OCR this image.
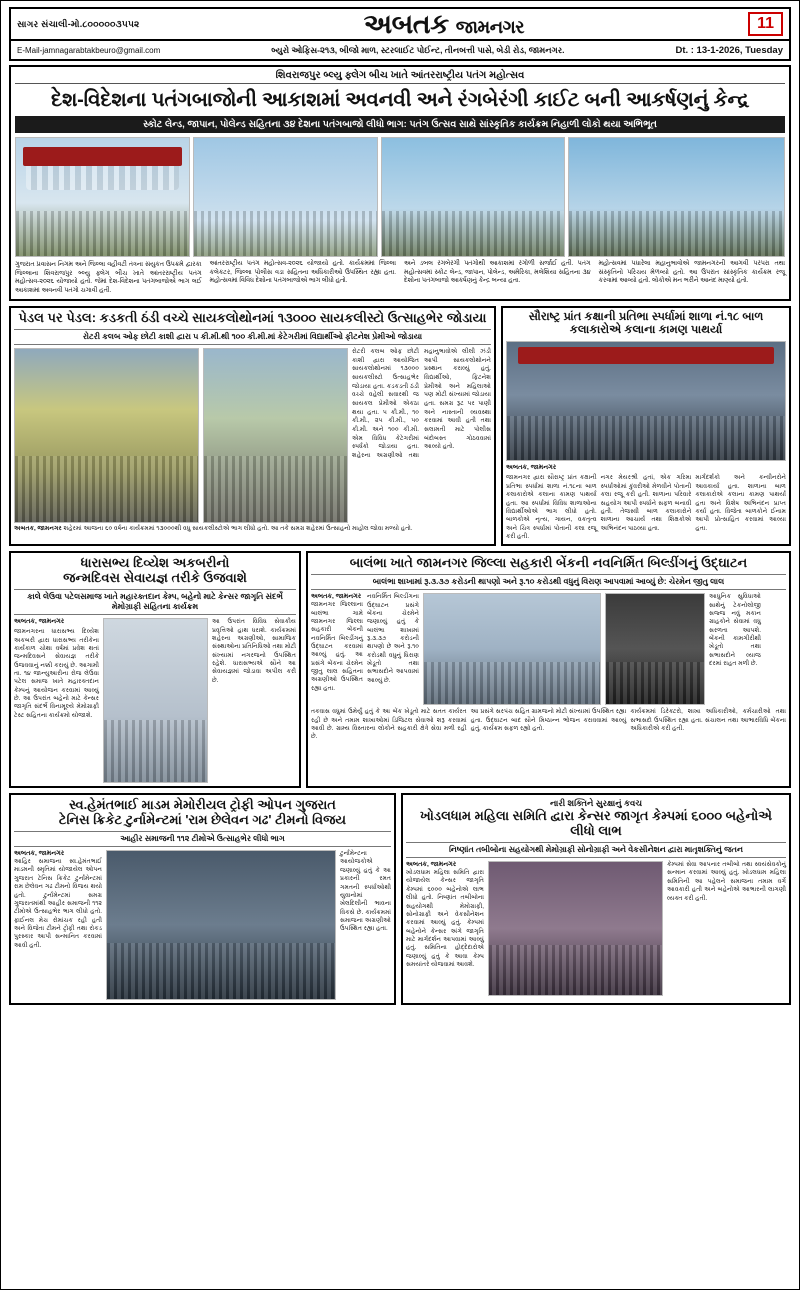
સાગર સંચાલી-મો.૮૦૦૦૦૦૩૫૫૨	અબતક જામનગર	11
E-Mail-jamnagarabtakbeuro@gmail.com	બ્યુરો ઓફિસ-૨૧૩, બીજો માળ, સ્ટરલાઈટ પોઈન્ટ, તીનબત્તી પાસે, બેડી રોડ, જામનગર.	Dt. : 13-1-2026, Tuesday
શિવરાજપુર બ્લ્યુ ફ્લેગ બીચ ખાતે આંતરરાષ્ટ્રીય પતંગ મહોત્સવ
દેશ-વિદેશના પતંગબાજોની આકાશમાં અવનવી અને રંગબેરંગી કાઈટ બની આકર્ષણનું કેન્દ્ર
સ્કોટ લેન્ડ, જાપાન, પોલેન્ડ સહિતના ૩૪ દેશના પતંગબાજો લીધો ભાગ: પતંગ ઉત્સવ સાથે સાંસ્કૃતિક કાર્યક્રમ નિહાળી લોકો થયા અભિભૂત
ગુજરાત પ્રવાસન નિગમ અને જિલ્લા વહીવટી તંત્રના સંયુકત ઉપક્રમે દ્વારકા જિલ્લાના શિવરાજપુર બ્લ્યુ ફ્લેગ બીચ ખાતે આંતરરાષ્ટ્રીય પતંગ મહોત્સવ-૨૦૨૬ યોજાયો હતો. જેમાં દેશ-વિદેશના પતંગબાજોએ ભાગ લઈ આકાશમાં અવનવી પતંગો ચગાવી હતી.
આંતરરાષ્ટ્રીય પતંગ મહોત્સવ-૨૦૨૬ યોજાયો હતો. કાર્યક્રમમાં જિલ્લા કલેકટર, જિલ્લા પોલીસ વડા સહિતના અધિકારીઓ ઉપસ્થિત રહ્યા હતા. મહોત્સવમાં વિવિધ દેશોના પતંગબાજોએ ભાગ લીધો હતો.
અને ડબલ રંગબેરંગી પતંગોથી આકાશમાં રંગોળી સર્જાઈ હતી. પતંગ મહોત્સવમાં સ્કોટ લેન્ડ, જાપાન, પોલેન્ડ, અમેરિકા, મલેશિયા સહિતના ૩૪ દેશોના પતંગબાજો આકર્ષણનું કેન્દ્ર બન્યા હતા.
મહોત્સવમાં પધારેલા મહાનુભાવોએ જામનગરની આગવી પરંપરા તથા સંસ્કૃતિનો પરિચય મેળવ્યો હતો. આ ઉપરાંત સાંસ્કૃતિક કાર્યક્રમ રજૂ કરવામાં આવ્યો હતો. લોકોએ મન ભરીને આનંદ માણ્યો હતો.
પેડલ પર પેડલ: કડકતી ઠંડી વચ્ચે સાયકલોથોનમાં ૧૩૦૦૦ સાયકલીસ્ટો ઉત્સાહભેર જોડાયા
રોટરી કલબ ઓફ છોટી કાશી દ્વારા ૫ કી.મી.થી ૧૦૦ કી.મી.માં કેટેગરીમાં વિદ્યાર્થીઓ ફીટનેશ પ્રેમીઓ જોડાયા
રોટરી કલબ ઓફ છોટી કાશી દ્વારા આયોજિત સાયકલોથોનમાં ૧૩૦૦૦ સાયકલીસ્ટો ઉત્સાહભેર જોડાયા હતા. કડકડતી ઠંડી વચ્ચે વહેલી સવારથી જ સાયકલ પ્રેમીઓ એકઠા થયા હતા. ૫ કી.મી., ૧૦ કી.મી., ૨૫ કી.મી., ૫૦ કી.મી. અને ૧૦૦ કી.મી. એમ વિવિધ કેટેગરીમાં સ્પર્ધકો જોડાયા હતા. શહેરના અગ્રણીઓ તથા મહાનુભાવોએ લીલી ઝંડી આપી સાયકલોથોનને પ્રસ્થાન કરાવ્યું હતું. વિદ્યાર્થીઓ, ફિટનેશ પ્રેમીઓ અને મહિલાઓ પણ મોટી સંખ્યામાં જોડાયા હતા. સમગ્ર રૂટ પર પાણી અને નાસ્તાની વ્યવસ્થા કરવામાં આવી હતી તથા સલામતી માટે પોલીસ બંદોબસ્ત ગોઠવવામાં આવ્યો હતો.
અબતક, જામનગર શહેરમાં આજના ૬૦ વર્ષના કાર્યક્રમમાં ૧૩૦૦૦થી વધુ સાયકલીસ્ટોએ ભાગ લીધો હતો. આ તકે સમગ્ર શહેરમાં ઉત્સાહનો માહોલ જોવા મળ્યો હતો.
સૌરાષ્ટ્ર પ્રાંત કક્ષાની પ્રતિભા સ્પર્ધામાં શાળા નં.૧૮ બાળ કલાકારોએ કલાના કામણ પાથર્યા
અબતક, જામનગર
જામનગર દ્વારા સૌરાષ્ટ્ર પ્રાંત કક્ષાની પ્રતિભા સ્પર્ધામાં શાળા નં.૧૮ના બાળ કલાકારોએ કલાના કામણ પાથર્યા હતા. આ સ્પર્ધામાં વિવિધ શાળાઓના વિદ્યાર્થીઓએ ભાગ લીધો હતો. બાળકોએ નૃત્ય, ગાયન, વકતૃત્વ અને ચિત્ર સ્પર્ધામાં પોતાની કલા રજૂ કરી હતી.
નગર મેયરશ્રી હતાં, એક ગરિમા સ્પર્ધાઓમાં કુંવરીઓ મેળવીને પોતાની કલા રજૂ કરી હતી. શાળાના પરિવારે સહયોગ આપી સ્પર્ધાને સફળ બનાવી હતી. તેજસ્વી બાળ કલાકારોને શાળાના આચાર્ય તથા શિક્ષકોએ અભિનંદન પાઠવ્યા હતા.
માર્ગદર્શકો અને કન્વીનરોને આવકાર્યા હતા. શાળાના બાળ કલાકારોએ કલાના કામણ પાથર્યા હતા અને વિશેષ અભિનંદન પ્રાપ્ત કર્યા હતા. વિજેતા બાળકોને ઈનામ આપી પ્રોત્સાહિત કરવામાં આવ્યા હતા.
ધારાસભ્ય દિવ્યેશ અકબરીનો
જન્મદિવસ સેવાયજ્ઞ તરીકે ઉજવાશે
કાલે લેઉવા પટેલસમાજ ખાતે મહારક્તદાન કેમ્પ, બહેનો માટે કેન્સર જાગૃતિ સંદર્ભે મેમોગ્રાફી સહિતના કાર્યક્રમ
અબતક, જામનગર
જામનગરના ધારાસભ્ય દિવ્યેશ અકબરી દ્વારા ધારાસભ્ય તરીકેના કાર્યકાળ ચોથા વર્ષમાં પ્રવેશ થતાં જન્મદિવસને સેવાયજ્ઞ તરીકે ઉજવવાનું નક્કી કરાયું છે. આગામી તા. ૧૪ જાન્યુઆરીના રોજ લેઉવા પટેલ સમાજ ખાતે મહારક્તદાન કેમ્પનું આયોજન કરવામાં આવ્યું છે. આ ઉપરાંત બહેનો માટે કેન્સર જાગૃતિ સંદર્ભે વિનામૂલ્યે મેમોગ્રાફી ટેસ્ટ સહિતના કાર્યક્રમો યોજાશે.
આ ઉપરાંત વિવિધ સેવાકીય પ્રવૃત્તિઓ હાથ ધરાશે. કાર્યક્રમમાં શહેરના અગ્રણીઓ, સામાજિક સંસ્થાઓના પ્રતિનિધિઓ તથા મોટી સંખ્યામાં નગરજનો ઉપસ્થિત રહેશે. ધારાસભ્યએ સૌને આ સેવાયજ્ઞમાં જોડાવા અપીલ કરી છે.
બાલંભા ખાતે જામનગર જિલ્લા સહકારી બેંકની નવનિર્મિત બિલ્ડીંગનું ઉદ્ઘાટન
બાલંભા શાખામાં રૂ.૩.૩૭ કરોડની થાપણો અને રૂ.૧૦ કરોડથી વધુનું વિરાણ આપવામાં આવ્યું છે: ચેરમેન જીતુ લાલ
અબતક, જામનગર
જામનગર જિલ્લાના બાલંભા ગામે જામનગર જિલ્લા સહકારી બેંકની નવનિર્મિત બિલ્ડીંગનું ઉદ્ઘાટન કરવામાં આવ્યું હતું. આ પ્રસંગે બેંકના ચેરમેન જીતુ લાલ સહિતના અગ્રણીઓ ઉપસ્થિત રહ્યા હતા.
નવનિર્મિત બિલ્ડીંગના ઉદ્ઘાટન પ્રસંગે બેંકના ચેરમેને જણાવ્યું હતું કે બાલંભા શાખામાં રૂ.૩.૩૭ કરોડની થાપણો છે અને રૂ.૧૦ કરોડથી વધુનું ધિરાણ ખેડૂતો તથા સભાસદોને આપવામાં આવ્યું છે.
આધુનિક સુવિધાઓ સાથેનું ટેકનોલોજી સજ્જ નવું મકાન ગ્રાહકોને સેવામાં વધુ સરળતા આપશે. બેંકની કામગીરીથી ખેડૂતો તથા સભાસદોને વ્યાજ દરમાં રાહત મળી છે.
તકવાસ વધુમાં ઉમેર્યું હતું કે આ બેંક ખેડૂતો માટે સતત કાર્યરત રહી છે અને તમામ શાખાઓમાં ડિજિટલ સેવાઓ શરૂ કરવામાં આવી છે. ગ્રામ્ય વિસ્તારના લોકોને સહકારી ક્ષેત્રે સેવા મળી રહી છે.
આ પ્રસંગે સરપંચ સહિત ગ્રામજનો મોટી સંખ્યામાં ઉપસ્થિત રહ્યા હતા. ઉદ્ઘાટન બાદ સૌને મિષ્ઠાન્ન ભોજન કરાવવામાં આવ્યું હતું. કાર્યક્રમ સફળ રહ્યો હતો.
કાર્યક્રમમાં ડિરેક્ટરો, શાખા અધિકારીઓ, કર્મચારીઓ તથા સભાસદો ઉપસ્થિત રહ્યા હતા. સંચાલન તથા આભારવિધિ બેંકના અધિકારીએ કરી હતી.
સ્વ.હેમંતભાઈ માડમ મેમોરીયલ ટ્રોફી ઓપન ગુજરાત
ટેનિસ ક્રિકેટ ટુર્નામેન્ટમાં 'રામ છેલેવન ગઢ' ટીમનો વિજય
આહીર સમાજની ૧૧૨ ટીમોએ ઉત્સાહભેર લીધો ભાગ
અબતક, જામનગર
આહિર સમાજના સ્વ.હેમંતભાઈ માડમની સ્મૃતિમાં યોજાયેલ ઓપન ગુજરાત ટેનિસ ક્રિકેટ ટુર્નામેન્ટમાં રામ છેલેવન ગઢ ટીમનો વિજય થયો હતો. ટુર્નામેન્ટમાં સમગ્ર ગુજરાતમાંથી આહીર સમાજની ૧૧૨ ટીમોએ ઉત્સાહભેર ભાગ લીધો હતો. ફાઈનલ મેચ રોમાંચક રહી હતી અને વિજેતા ટીમને ટ્રોફી તથા રોકડ પુરસ્કાર આપી સન્માનિત કરવામાં આવી હતી.
ટુર્નામેન્ટના આયોજકોએ જણાવ્યું હતું કે આ પ્રકારની રમત ગમતની સ્પર્ધાઓથી યુવાનોમાં ખેલદિલીની ભાવના વિકસે છે. કાર્યક્રમમાં સમાજના અગ્રણીઓ ઉપસ્થિત રહ્યા હતા.
નારી શક્તિને સુરક્ષાનું કવચ
ખોડલધામ મહિલા સમિતિ દ્વારા કેન્સર જાગૃત કેમ્પમાં ૬૦૦૦ બહેનોએ લીધો લાભ
નિષ્ણાંત તબીબોના સહયોગથી મેમોગ્રાફી સોનોગ્રાફી અને વેકસીનેશન દ્વારા માતૃશક્તિનું જતન
અબતક, જામનગર
ખોડલધામ મહિલા સમિતિ દ્વારા યોજાયેલ કેન્સર જાગૃતિ કેમ્પમાં ૬૦૦૦ બહેનોએ લાભ લીધો હતો. નિષ્ણાંત તબીબોના સહયોગથી મેમોગ્રાફી, સોનોગ્રાફી અને વેકસીનેશન કરવામાં આવ્યું હતું. કેમ્પમાં બહેનોને કેન્સર અંગે જાગૃતિ માટે માર્ગદર્શન આપવામાં આવ્યું હતું. સમિતિના હોદ્દેદારોએ જણાવ્યું હતું કે આવા કેમ્પ સમયાંતરે યોજવામાં આવશે.
કેમ્પમાં સેવા આપનાર તબીબો તથા સ્વયંસેવકોનું સન્માન કરવામાં આવ્યું હતું. ખોડલધામ મહિલા સમિતિની આ પહેલને સમાજના તમામ વર્ગે આવકારી હતી અને બહેનોએ આભારની લાગણી વ્યક્ત કરી હતી.
